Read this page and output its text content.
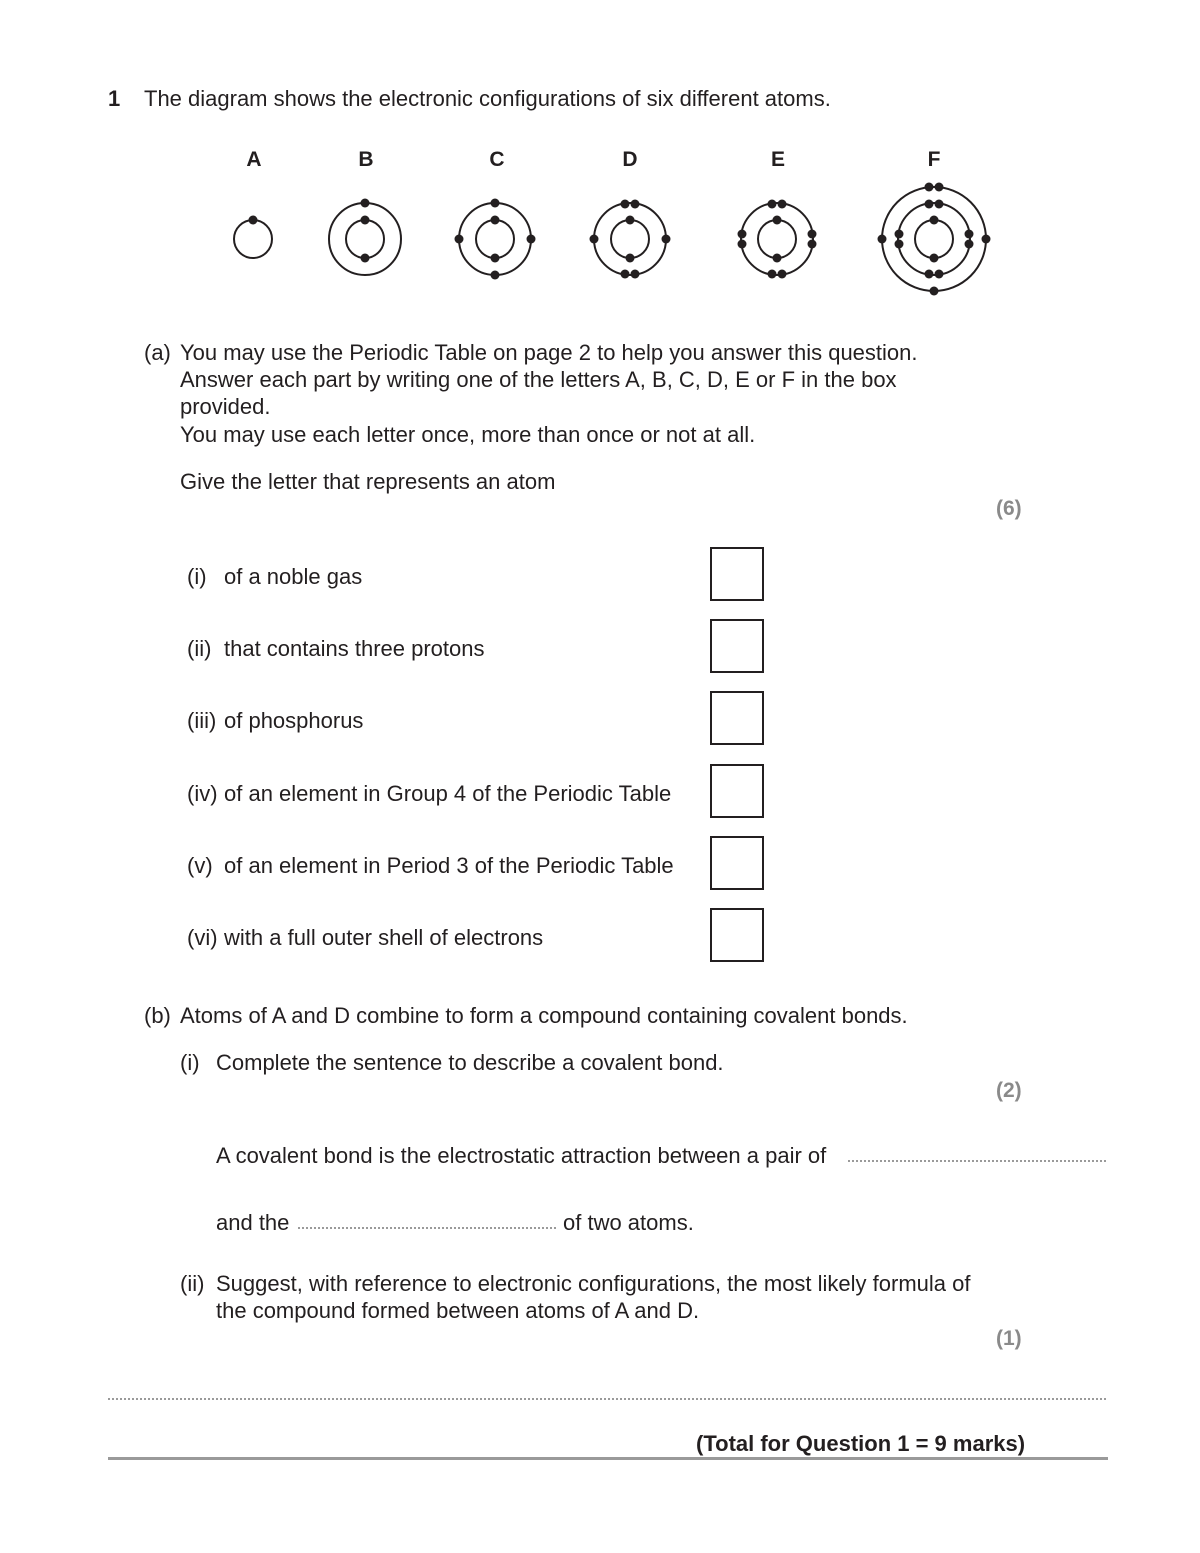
1 The diagram shows the electronic configurations of six different atoms.
A	B	C	D	E	F
(a) You may use the Periodic Table on page 2 to help you answer this question.
Answer each part by writing one of the letters A, B, C, D, E or F in the box
provided.
You may use each letter once, more than once or not at all.
Give the letter that represents an atom
(6)
(i) of a noble gas
(ii) that contains three protons
(iii) of phosphorus
(iv) of an element in Group 4 of the Periodic Table
(v) of an element in Period 3 of the Periodic Table
(vi) with a full outer shell of electrons
(b) Atoms of A and D combine to form a compound containing covalent bonds.
(i) Complete the sentence to describe a covalent bond.
(2)
A covalent bond is the electrostatic attraction between a pair of
and the	of two atoms.
(ii) Suggest, with reference to electronic configurations, the most likely formula of
the compound formed between atoms of A and D.
(1)
(Total for Question 1 = 9 marks)
